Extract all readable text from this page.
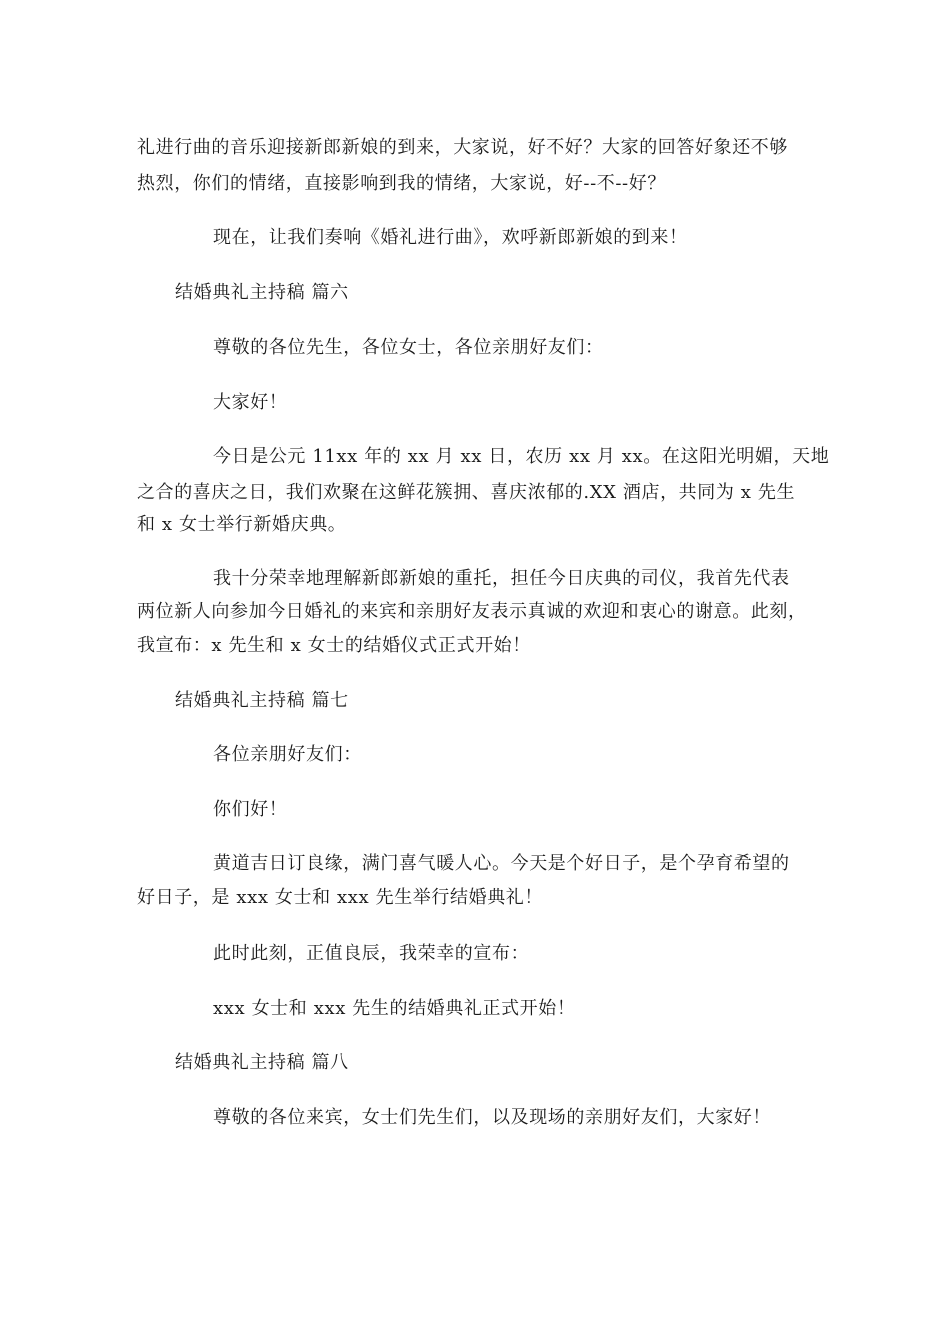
礼进行曲的音乐迎接新郎新娘的到来，大家说，好不好？大家的回答好象还不够
热烈，你们的情绪，直接影响到我的情绪，大家说，好--不--好？
现在，让我们奏响《婚礼进行曲》，欢呼新郎新娘的到来！
结婚典礼主持稿 篇六
尊敬的各位先生，各位女士，各位亲朋好友们：
大家好！
今日是公元 11xx 年的 xx 月 xx 日，农历 xx 月 xx。在这阳光明媚，天地
之合的喜庆之日，我们欢聚在这鲜花簇拥、喜庆浓郁的.XX 酒店，共同为 x 先生
和 x 女士举行新婚庆典。
我十分荣幸地理解新郎新娘的重托，担任今日庆典的司仪，我首先代表
两位新人向参加今日婚礼的来宾和亲朋好友表示真诚的欢迎和衷心的谢意。此刻，
我宣布：x 先生和 x 女士的结婚仪式正式开始！
结婚典礼主持稿 篇七
各位亲朋好友们：
你们好！
黄道吉日订良缘，满门喜气暖人心。今天是个好日子，是个孕育希望的
好日子，是 xxx 女士和 xxx 先生举行结婚典礼！
此时此刻，正值良辰，我荣幸的宣布：
xxx 女士和 xxx 先生的结婚典礼正式开始！
结婚典礼主持稿 篇八
尊敬的各位来宾，女士们先生们，以及现场的亲朋好友们，大家好！
